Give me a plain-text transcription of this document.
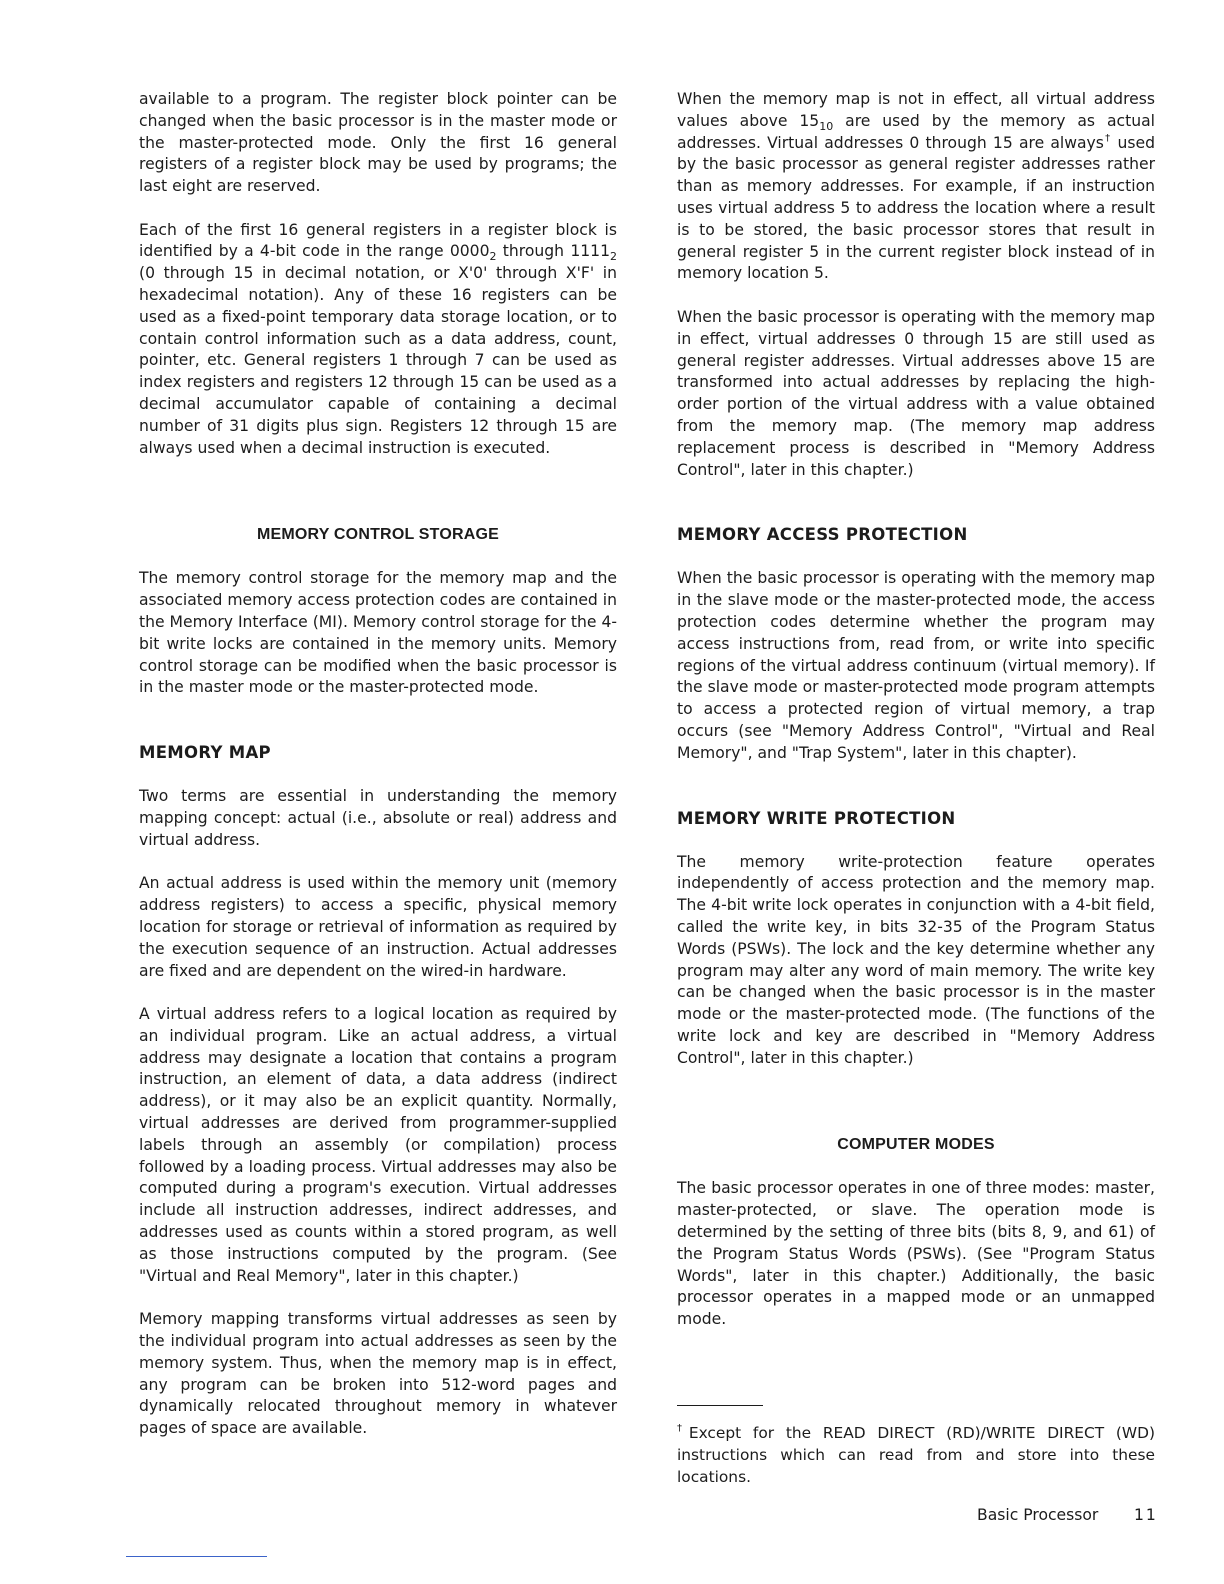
available to a program. The register block pointer can be changed when the basic processor is in the master mode or the master-protected mode. Only the first 16 general registers of a register block may be used by programs; the last eight are reserved.

Each of the first 16 general registers in a register block is identified by a 4-bit code in the range $0000_2$ through $1111_2$ (0 through 15 in decimal notation, or X'0' through X'F' in hexadecimal notation). Any of these 16 registers can be used as a fixed-point temporary data storage location, or to contain control information such as a data address, count, pointer, etc. General registers 1 through 7 can be used as index registers and registers 12 through 15 can be used as a decimal accumulator capable of containing a decimal number of 31 digits plus sign. Registers 12 through 15 are always used when a decimal instruction is executed.

MEMORY CONTROL STORAGE

The memory control storage for the memory map and the associated memory access protection codes are contained in the Memory Interface (MI). Memory control storage for the 4-bit write locks are contained in the memory units. Memory control storage can be modified when the basic processor is in the master mode or the master-protected mode.

MEMORY MAP

Two terms are essential in understanding the memory mapping concept: actual (i.e., absolute or real) address and virtual address.

An actual address is used within the memory unit (memory address registers) to access a specific, physical memory location for storage or retrieval of information as required by the execution sequence of an instruction. Actual addresses are fixed and are dependent on the wired-in hardware.

A virtual address refers to a logical location as required by an individual program. Like an actual address, a virtual address may designate a location that contains a program instruction, an element of data, a data address (indirect address), or it may also be an explicit quantity. Normally, virtual addresses are derived from programmer-supplied labels through an assembly (or compilation) process followed by a loading process. Virtual addresses may also be computed during a program's execution. Virtual addresses include all instruction addresses, indirect addresses, and addresses used as counts within a stored program, as well as those instructions computed by the program. (See "Virtual and Real Memory", later in this chapter.)

Memory mapping transforms virtual addresses as seen by the individual program into actual addresses as seen by the memory system. Thus, when the memory map is in effect, any program can be broken into 512-word pages and dynamically relocated throughout memory in whatever pages of space are available.

When the memory map is not in effect, all virtual address values above $15_{10}$ are used by the memory as actual addresses. Virtual addresses 0 through 15 are always† used by the basic processor as general register addresses rather than as memory addresses. For example, if an instruction uses virtual address 5 to address the location where a result is to be stored, the basic processor stores that result in general register 5 in the current register block instead of in memory location 5.

When the basic processor is operating with the memory map in effect, virtual addresses 0 through 15 are still used as general register addresses. Virtual addresses above 15 are transformed into actual addresses by replacing the high-order portion of the virtual address with a value obtained from the memory map. (The memory map address replacement process is described in "Memory Address Control", later in this chapter.)

MEMORY ACCESS PROTECTION

When the basic processor is operating with the memory map in the slave mode or the master-protected mode, the access protection codes determine whether the program may access instructions from, read from, or write into specific regions of the virtual address continuum (virtual memory). If the slave mode or master-protected mode program attempts to access a protected region of virtual memory, a trap occurs (see "Memory Address Control", "Virtual and Real Memory", and "Trap System", later in this chapter).

MEMORY WRITE PROTECTION

The memory write-protection feature operates independently of access protection and the memory map. The 4-bit write lock operates in conjunction with a 4-bit field, called the write key, in bits 32-35 of the Program Status Words (PSWs). The lock and the key determine whether any program may alter any word of main memory. The write key can be changed when the basic processor is in the master mode or the master-protected mode. (The functions of the write lock and key are described in "Memory Address Control", later in this chapter.)

COMPUTER MODES

The basic processor operates in one of three modes: master, master-protected, or slave. The operation mode is determined by the setting of three bits (bits 8, 9, and 61) of the Program Status Words (PSWs). (See "Program Status Words", later in this chapter.) Additionally, the basic processor operates in a mapped mode or an unmapped mode.

†Except for the READ DIRECT (RD)/WRITE DIRECT (WD) instructions which can read from and store into these locations.
Basic Processor 11
